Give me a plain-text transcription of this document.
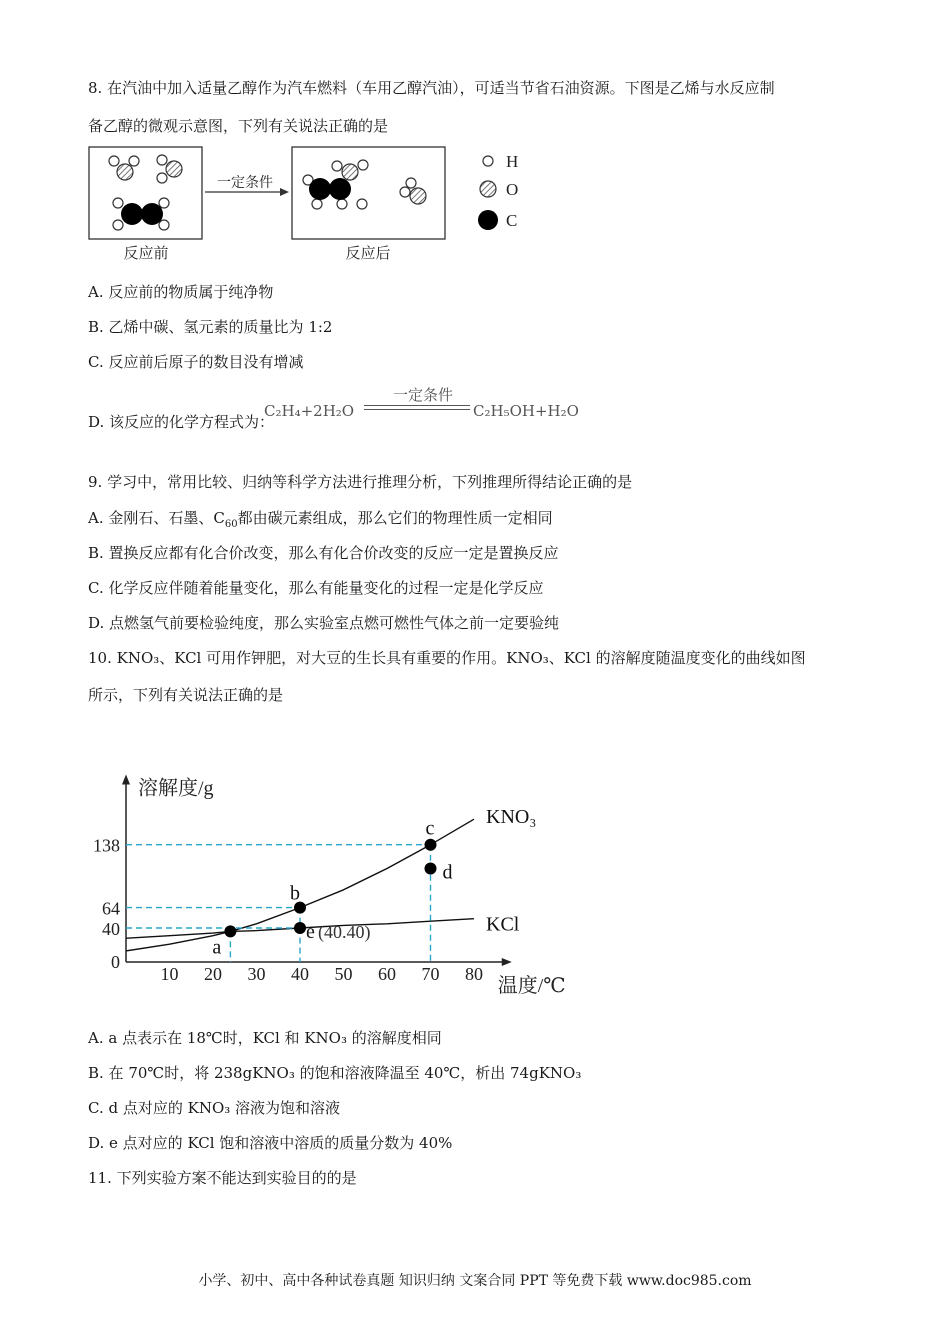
8. 在汽油中加入适量乙醇作为汽车燃料（车用乙醇汽油），可适当节省石油资源。下图是乙烯与水反应制
备乙醇的微观示意图，下列有关说法正确的是
一定条件
反应前	反应后
H
O
C
A. 反应前的物质属于纯净物
B. 乙烯中碳、氢元素的质量比为 1:2
C. 反应前后原子的数目没有增减
D. 该反应的化学方程式为：
C₂H₄+2H₂O
一定条件
C₂H₅OH+H₂O
9. 学习中，常用比较、归纳等科学方法进行推理分析，下列推理所得结论正确的是
A. 金刚石、石墨、$C_{60}$都由碳元素组成，那么它们的物理性质一定相同
B. 置换反应都有化合价改变，那么有化合价改变的反应一定是置换反应
C. 化学反应伴随着能量变化，那么有能量变化的过程一定是化学反应
D. 点燃氢气前要检验纯度，那么实验室点燃可燃性气体之前一定要验纯
10. KNO₃、KCl 可用作钾肥，对大豆的生长具有重要的作用。KNO₃、KCl 的溶解度随温度变化的曲线如图
所示，下列有关说法正确的是
溶解度/g
温度/℃
10 20 30 40 50 60 70 80
0
40
64
138
KNO₃
KCl
a
b
c
d
e (40.40)
A. a 点表示在 18℃时，KCl 和 KNO₃ 的溶解度相同
B. 在 70℃时，将 238gKNO₃ 的饱和溶液降温至 40℃，析出 74gKNO₃
C. d 点对应的 KNO₃ 溶液为饱和溶液
D. e 点对应的 KCl 饱和溶液中溶质的质量分数为 40%
11. 下列实验方案不能达到实验目的的是
小学、初中、高中各种试卷真题 知识归纳 文案合同 PPT 等免费下载 www.doc985.com
